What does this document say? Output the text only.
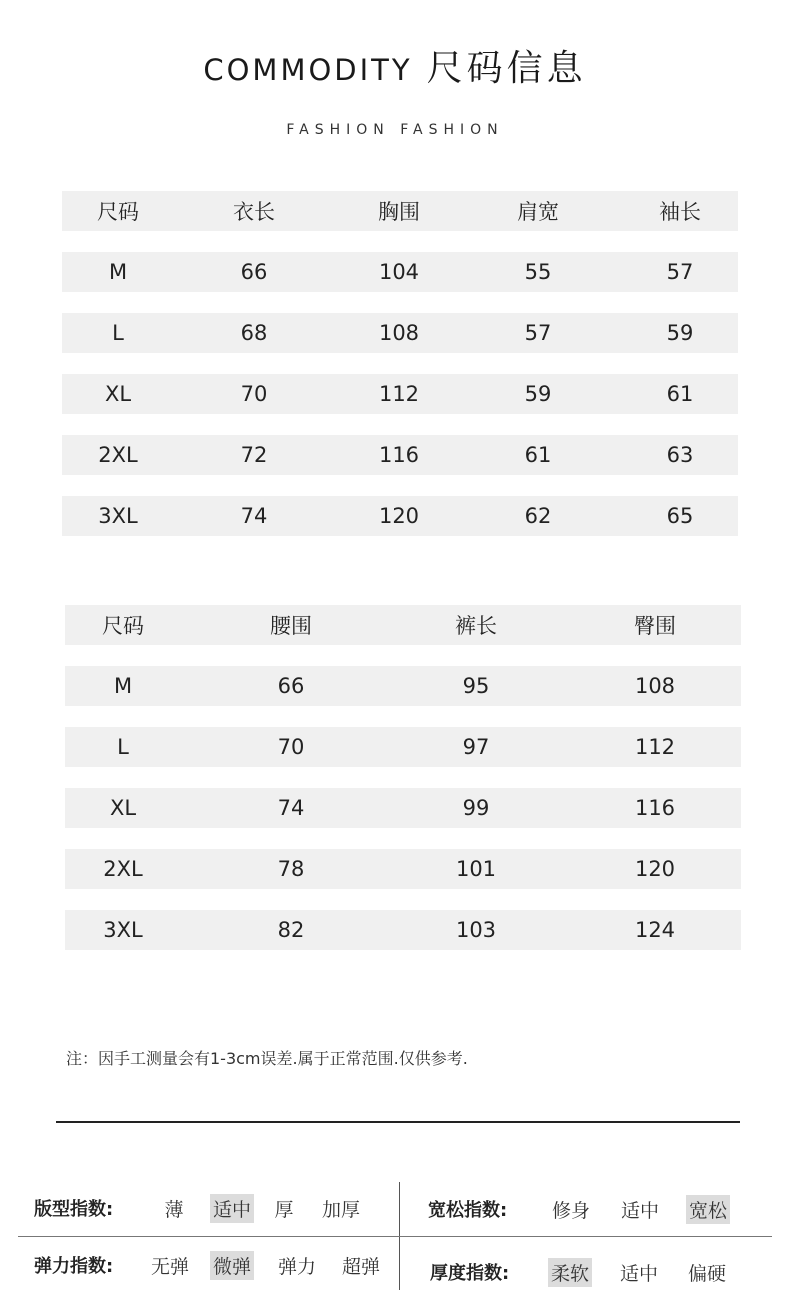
COMMODITY 尺码信息
FASHION FASHION
尺码	衣长	胸围	肩宽	袖长
M	66	104	55	57
L	68	108	57	59
XL	70	112	59	61
2XL	72	116	61	63
3XL	74	120	62	65
尺码	腰围	裤长	臀围
M	66	95	108
L	70	97	112
XL	74	99	116
2XL	78	101	120
3XL	82	103	124
注：因手工测量会有1-3cm误差.属于正常范围.仅供参考.
版型指数:	薄 适中 厚 加厚	宽松指数: 修身 适中 宽松
弹力指数: 无弹 微弹 弹力 超弹	厚度指数: 柔软 适中 偏硬
